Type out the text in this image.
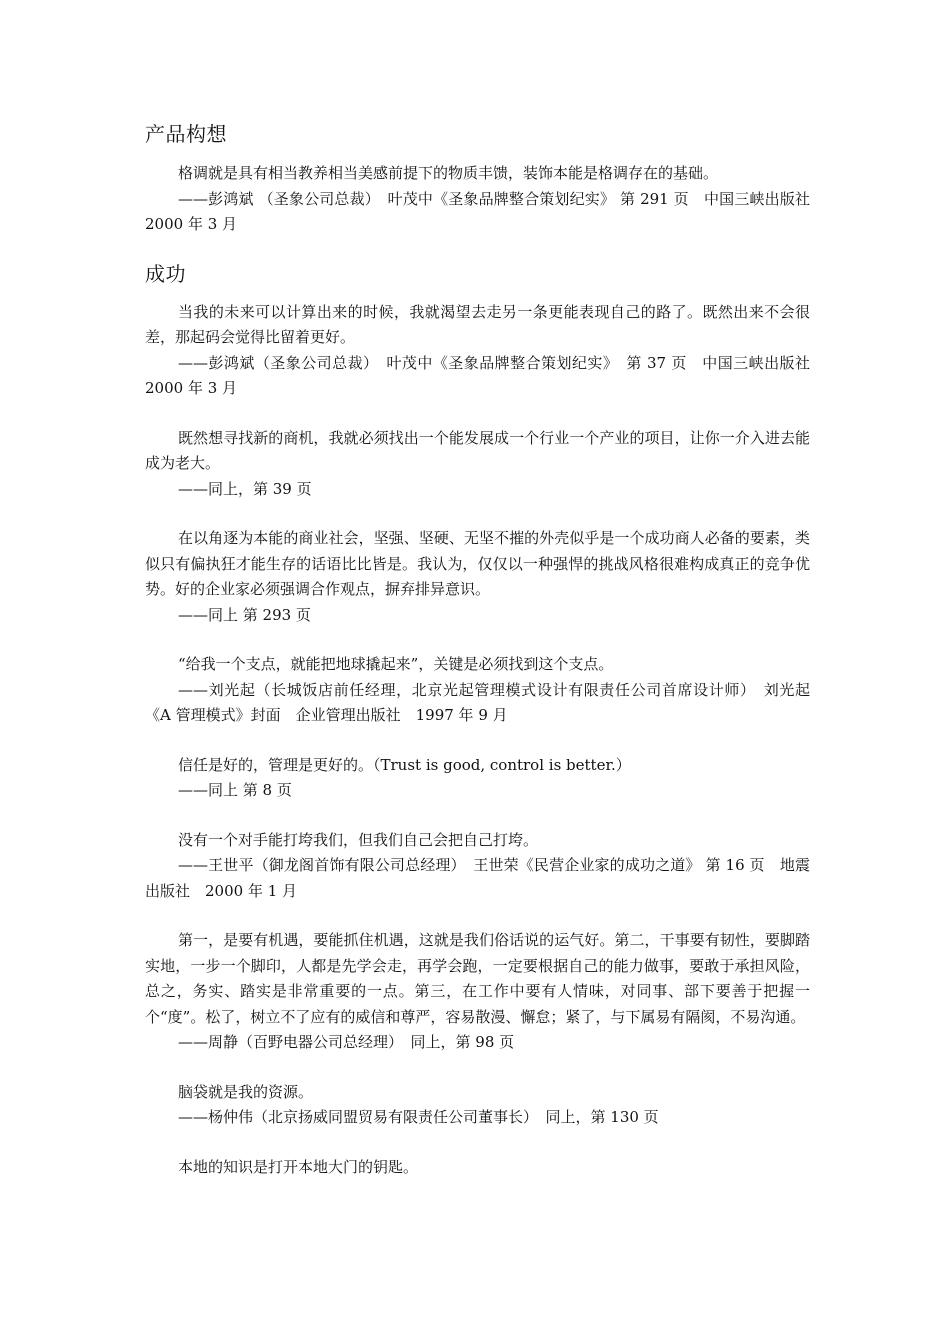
产品构想

格调就是具有相当教养相当美感前提下的物质丰馈，装饰本能是格调存在的基础。

——彭鸿斌 （圣象公司总裁）　叶茂中《圣象品牌整合策划纪实》 第 291 页　中国三峡出版社　2000 年 3 月

成功

当我的未来可以计算出来的时候，我就渴望去走另一条更能表现自己的路了。既然出来不会很差，那起码会觉得比留着更好。

——彭鸿斌（圣象公司总裁）　叶茂中《圣象品牌整合策划纪实》　第 37 页　中国三峡出版社　2000 年 3 月

既然想寻找新的商机，我就必须找出一个能发展成一个行业一个产业的项目，让你一介入进去能成为老大。

——同上，第 39 页

在以角逐为本能的商业社会，坚强、坚硬、无坚不摧的外壳似乎是一个成功商人必备的要素，类似只有偏执狂才能生存的话语比比皆是。我认为，仅仅以一种强悍的挑战风格很难构成真正的竞争优势。好的企业家必须强调合作观点，摒弃排异意识。

——同上 第 293 页

“给我一个支点，就能把地球撬起来”，关键是必须找到这个支点。

——刘光起（长城饭店前任经理，北京光起管理模式设计有限责任公司首席设计师）　刘光起《A 管理模式》封面　企业管理出版社　1997 年 9 月

信任是好的，管理是更好的。（Trust is good, control is better.）

——同上 第 8 页

没有一个对手能打垮我们，但我们自己会把自己打垮。

——王世平（御龙阁首饰有限公司总经理）　王世荣《民营企业家的成功之道》 第 16 页　地震出版社　2000 年 1 月

第一，是要有机遇，要能抓住机遇，这就是我们俗话说的运气好。第二，干事要有韧性，要脚踏实地，一步一个脚印，人都是先学会走，再学会跑，一定要根据自己的能力做事，要敢于承担风险，总之，务实、踏实是非常重要的一点。第三，在工作中要有人情味，对同事、部下要善于把握一个“度”。松了，树立不了应有的威信和尊严，容易散漫、懈怠；紧了，与下属易有隔阂，不易沟通。

——周静（百野电器公司总经理）　同上，第 98 页

脑袋就是我的资源。

——杨仲伟（北京扬威同盟贸易有限责任公司董事长）　同上，第 130 页

本地的知识是打开本地大门的钥匙。
